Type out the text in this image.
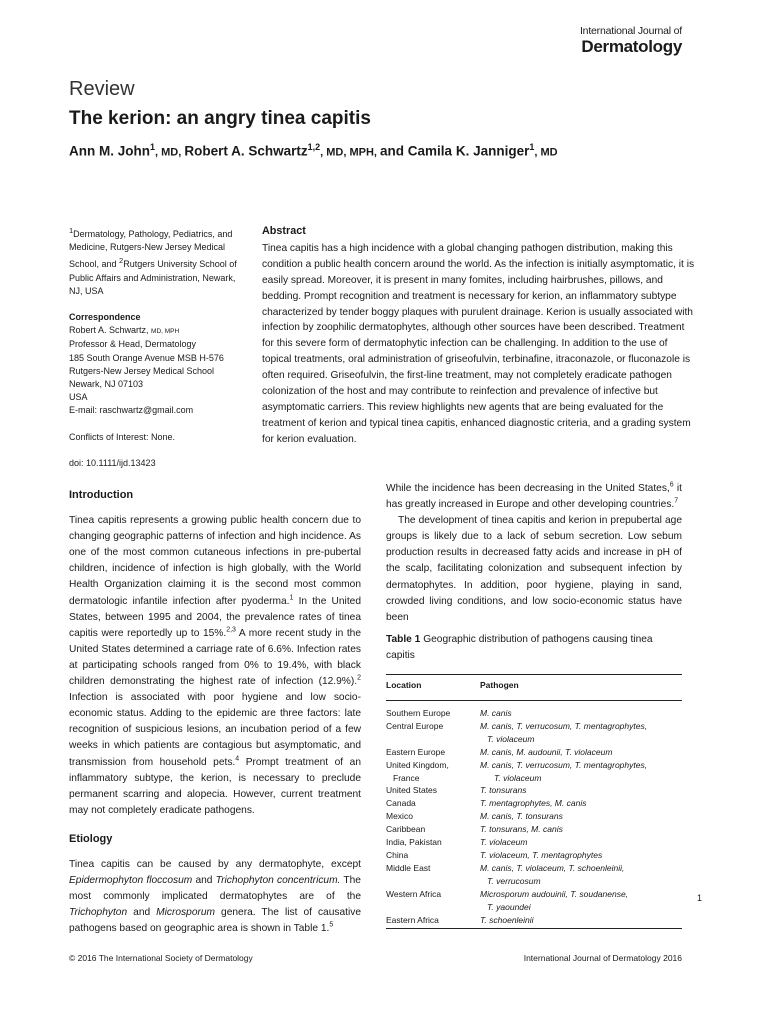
International Journal of
Dermatology
Review
The kerion: an angry tinea capitis
Ann M. John$^1$, MD, Robert A. Schwartz$^{1,2}$, MD, MPH, and Camila K. Janniger$^1$, MD

$^1$Dermatology, Pathology, Pediatrics, and Medicine, Rutgers-New Jersey Medical School, and $^2$Rutgers University School of Public Affairs and Administration, Newark, NJ, USA

Correspondence
Robert A. Schwartz, MD, MPH
Professor & Head, Dermatology
185 South Orange Avenue MSB H-576
Rutgers-New Jersey Medical School
Newark, NJ 07103
USA
E-mail: raschwartz@gmail.com

Conflicts of Interest: None.

doi: 10.1111/ijd.13423

Abstract
Tinea capitis has a high incidence with a global changing pathogen distribution, making this condition a public health concern around the world. As the infection is initially asymptomatic, it is easily spread. Moreover, it is present in many fomites, including hairbrushes, pillows, and bedding. Prompt recognition and treatment is necessary for kerion, an inflammatory subtype characterized by tender boggy plaques with purulent drainage. Kerion is usually associated with infection by zoophilic dermatophytes, although other sources have been described. Treatment for this severe form of dermatophytic infection can be challenging. In addition to the use of topical treatments, oral administration of griseofulvin, terbinafine, itraconazole, or fluconazole is often required. Griseofulvin, the first-line treatment, may not completely eradicate pathogen colonization of the host and may contribute to reinfection and prevalence of infective but asymptomatic carriers. This review highlights new agents that are being evaluated for the treatment of kerion and typical tinea capitis, enhanced diagnostic criteria, and a grading system for kerion evaluation.
Introduction

Tinea capitis represents a growing public health concern due to changing geographic patterns of infection and high incidence. As one of the most common cutaneous infections in pre-pubertal children, incidence of infection is high globally, with the World Health Organization claiming it is the second most common dermatologic infantile infection after pyoderma.$^1$ In the United States, between 1995 and 2004, the prevalence rates of tinea capitis were reportedly up to 15%.$^{2,3}$ A more recent study in the United States determined a carriage rate of 6.6%. Infection rates at participating schools ranged from 0% to 19.4%, with black children demonstrating the highest rate of infection (12.9%).$^2$ Infection is associated with poor hygiene and low socio-economic status. Adding to the epidemic are three factors: late recognition of suspicious lesions, an incubation period of a few weeks in which patients are contagious but asymptomatic, and transmission from household pets.$^4$ Prompt treatment of an inflammatory subtype, the kerion, is necessary to preclude permanent scarring and alopecia. However, current treatment may not completely eradicate pathogens.

Etiology

Tinea capitis can be caused by any dermatophyte, except Epidermophyton floccosum and Trichophyton concentricum. The most commonly implicated dermatophytes are of the Trichophyton and Microsporum genera. The list of causative pathogens based on geographic area is shown in Table 1.$^5$

While the incidence has been decreasing in the United States,$^6$ it has greatly increased in Europe and other developing countries.$^7$

The development of tinea capitis and kerion in prepubertal age groups is likely due to a lack of sebum secretion. Low sebum production results in decreased fatty acids and increase in pH of the scalp, facilitating colonization and subsequent infection by dermatophytes. In addition, poor hygiene, playing in sand, crowded living conditions, and low socio-economic status have been

Table 1 Geographic distribution of pathogens causing tinea capitis
Location	Pathogen
Southern Europe	M. canis
Central Europe	M. canis, T. verrucosum, T. mentagrophytes,
T. violaceum
Eastern Europe	M. canis, M. audounii, T. violaceum
United Kingdom,	M. canis, T. verrucosum, T. mentagrophytes,
France	T. violaceum
United States	T. tonsurans
Canada	T. mentagrophytes, M. canis
Mexico	M. canis, T. tonsurans
Caribbean	T. tonsurans, M. canis
India, Pakistan	T. violaceum
China	T. violaceum, T. mentagrophytes
Middle East	M. canis, T. violaceum, T. schoenleinii,
T. verrucosum
Western Africa	Microsporum audouinii, T. soudanense,
T. yaoundei
Eastern Africa	T. schoenleinii
1
© 2016 The International Society of Dermatology	International Journal of Dermatology 2016
